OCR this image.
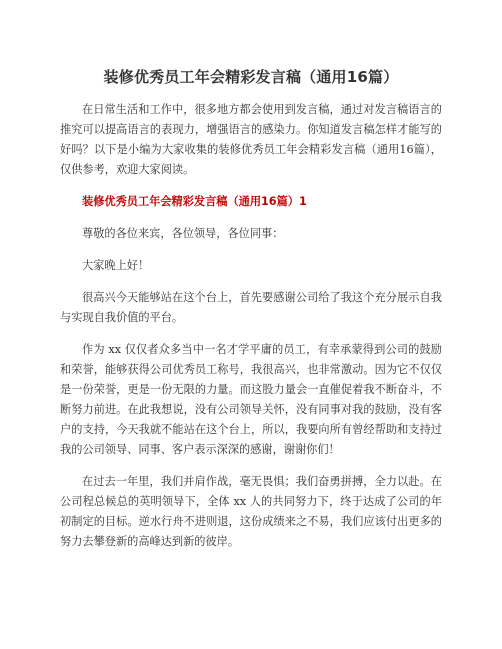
装修优秀员工年会精彩发言稿（通用16篇）

在日常生活和工作中，很多地方都会使用到发言稿，通过对发言稿语言的推究可以提高语言的表现力，增强语言的感染力。你知道发言稿怎样才能写的好吗？以下是小编为大家收集的装修优秀员工年会精彩发言稿（通用16篇），仅供参考，欢迎大家阅读。

装修优秀员工年会精彩发言稿（通用16篇）1

尊敬的各位来宾，各位领导，各位同事：

大家晚上好！

很高兴今天能够站在这个台上，首先要感谢公司给了我这个充分展示自我与实现自我价值的平台。

作为 xx 仅仅者众多当中一名才学平庸的员工，有幸承蒙得到公司的鼓励和荣誉，能够获得公司优秀员工称号，我很高兴，也非常激动。因为它不仅仅是一份荣誉，更是一份无限的力量。而这股力量会一直催促着我不断奋斗，不断努力前进。在此我想说，没有公司领导关怀，没有同事对我的鼓励，没有客户的支持，今天我就不能站在这个台上，所以，我要向所有曾经帮助和支持过我的公司领导、同事、客户表示深深的感谢，谢谢你们！

在过去一年里，我们并肩作战，毫无畏惧；我们奋勇拼搏，全力以赴。在公司程总候总的英明领导下，全体 xx 人的共同努力下，终于达成了公司的年初制定的目标。逆水行舟不进则退，这份成绩来之不易，我们应该付出更多的努力去攀登新的高峰达到新的彼岸。
